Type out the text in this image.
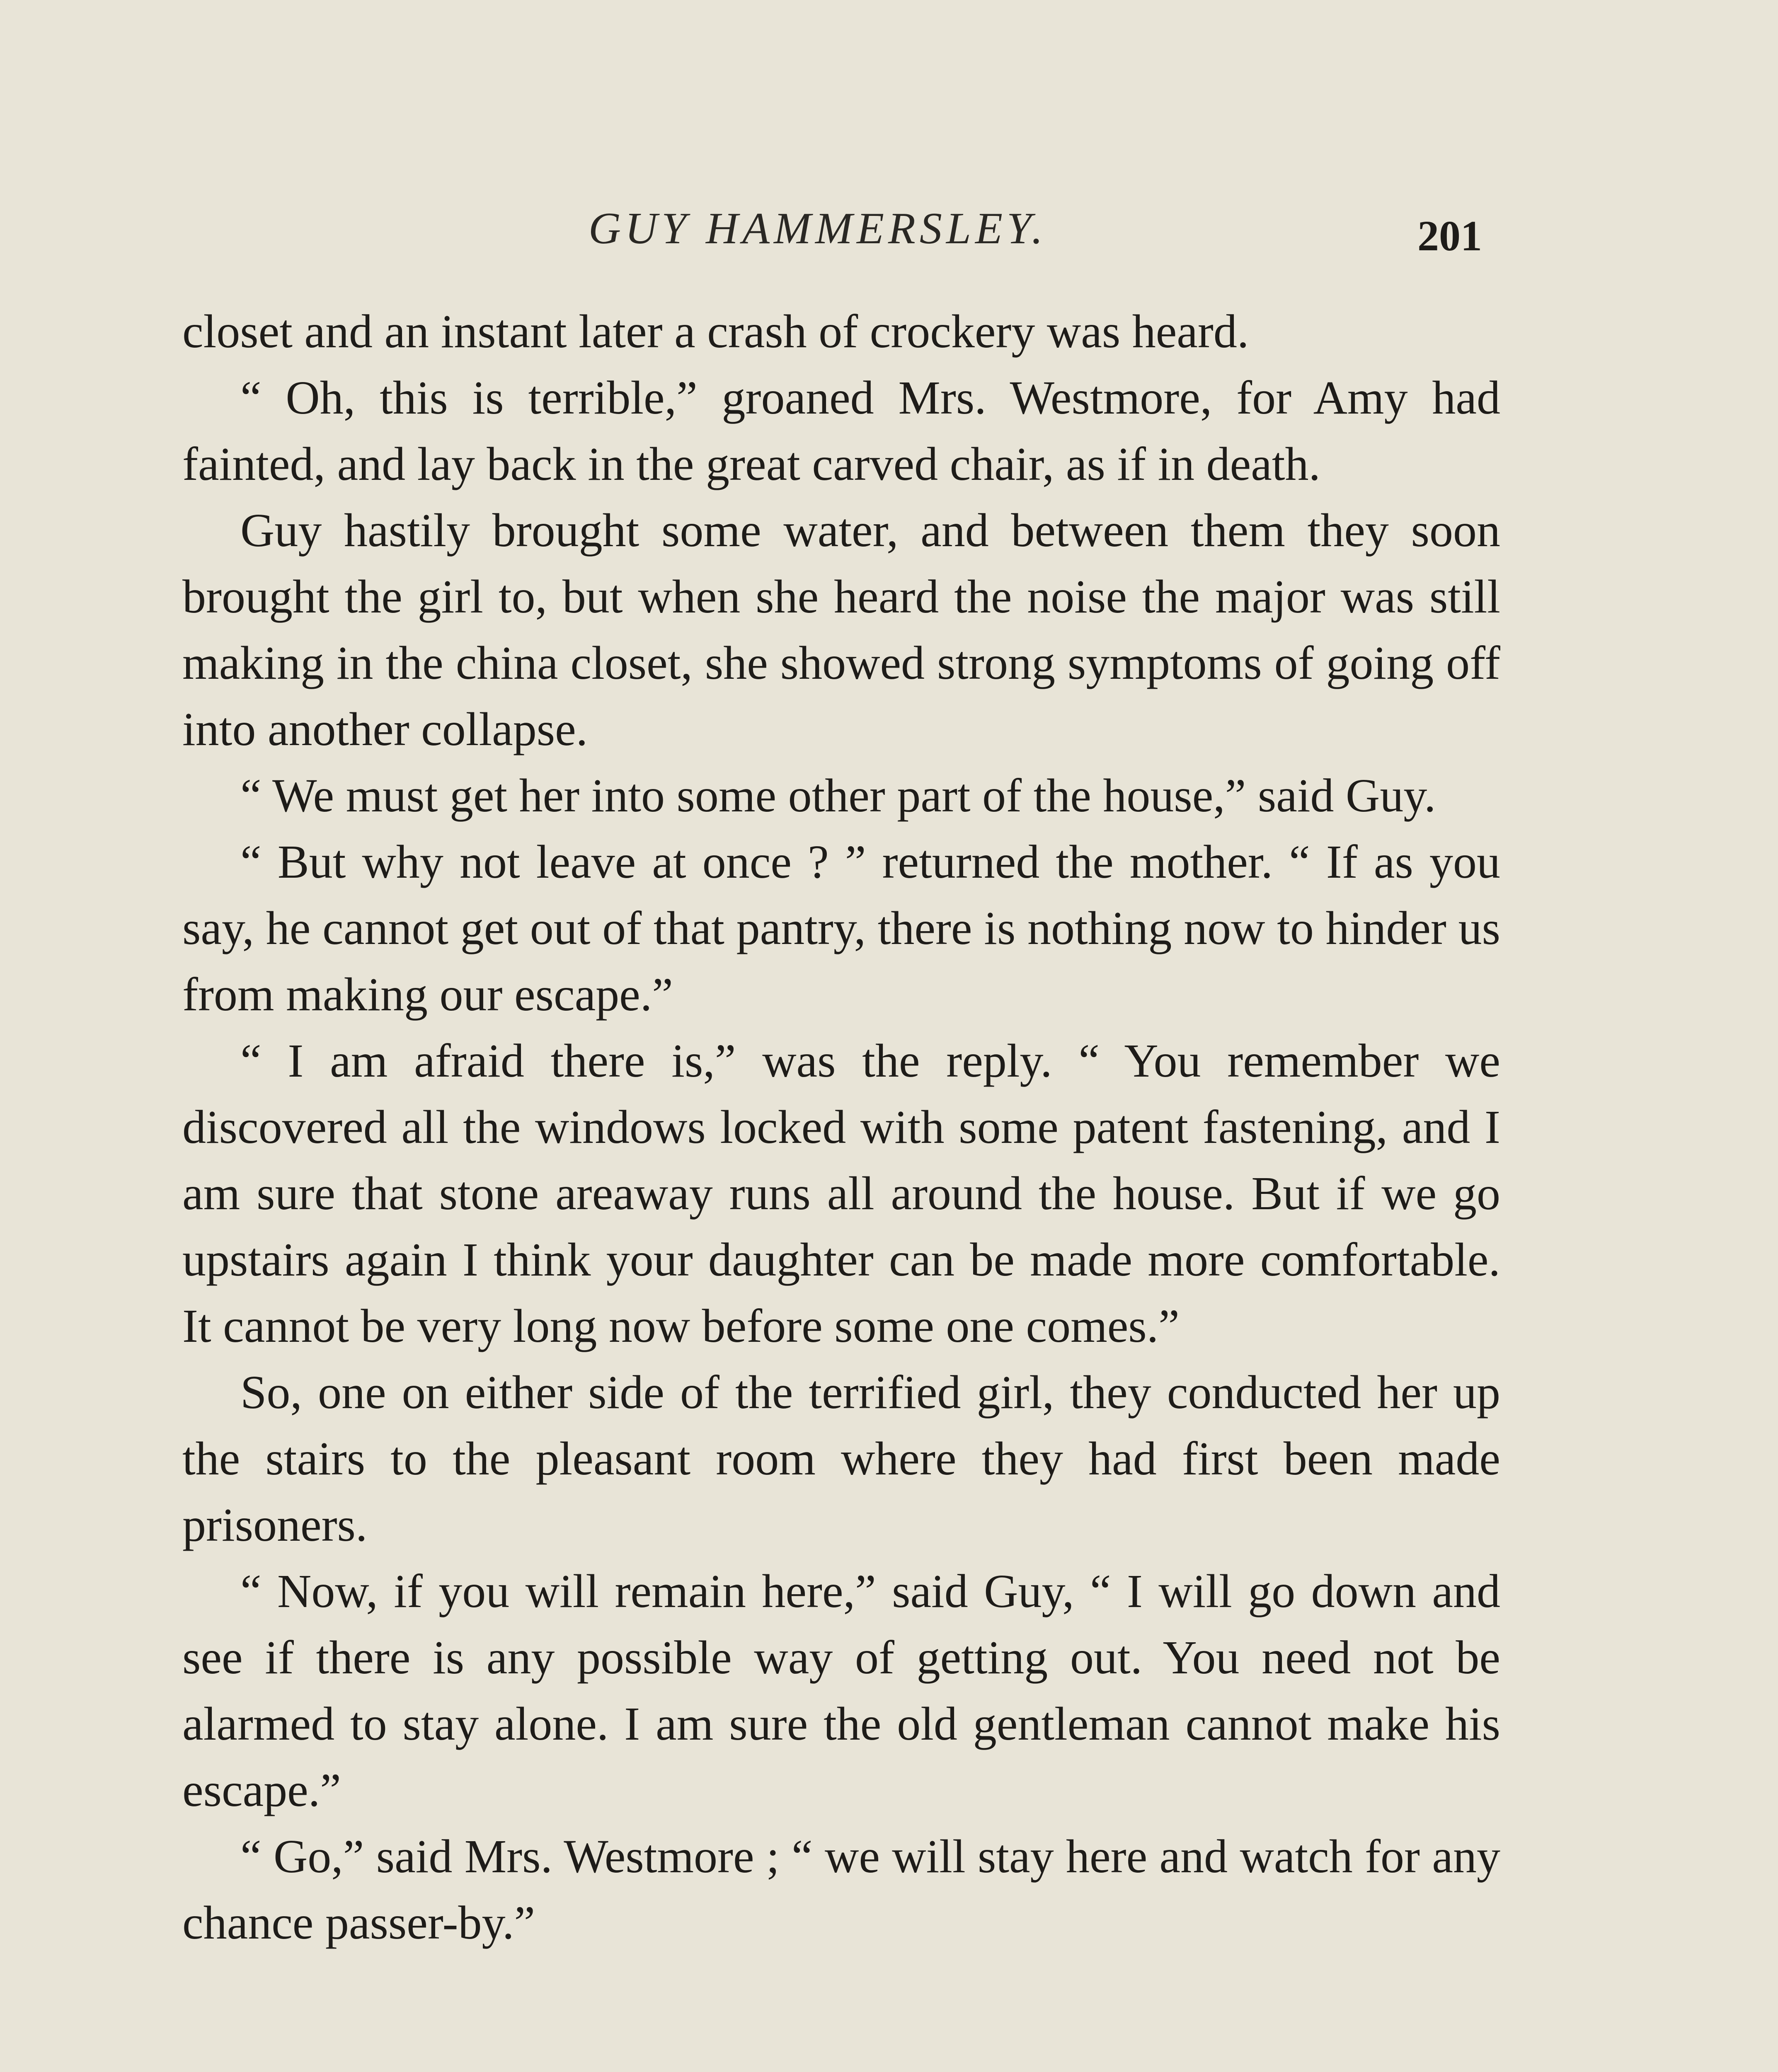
GUY HAMMERSLEY.	201

closet and an instant later a crash of crockery was heard.

“ Oh, this is terrible,” groaned Mrs. Westmore, for Amy had fainted, and lay back in the great carved chair, as if in death.

Guy hastily brought some water, and between them they soon brought the girl to, but when she heard the noise the major was still making in the china closet, she showed strong symptoms of going off into another collapse.

“ We must get her into some other part of the house,” said Guy.

“ But why not leave at once ? ” returned the mother. “ If as you say, he cannot get out of that pantry, there is nothing now to hinder us from making our escape.”

“ I am afraid there is,” was the reply. “ You remember we discovered all the windows locked with some patent fastening, and I am sure that stone areaway runs all around the house. But if we go upstairs again I think your daughter can be made more comfortable. It cannot be very long now before some one comes.”

So, one on either side of the terrified girl, they conducted her up the stairs to the pleasant room where they had first been made prisoners.

“ Now, if you will remain here,” said Guy, “ I will go down and see if there is any possible way of getting out. You need not be alarmed to stay alone. I am sure the old gentleman cannot make his escape.”

“ Go,” said Mrs. Westmore ; “ we will stay here and watch for any chance passer-by.”
